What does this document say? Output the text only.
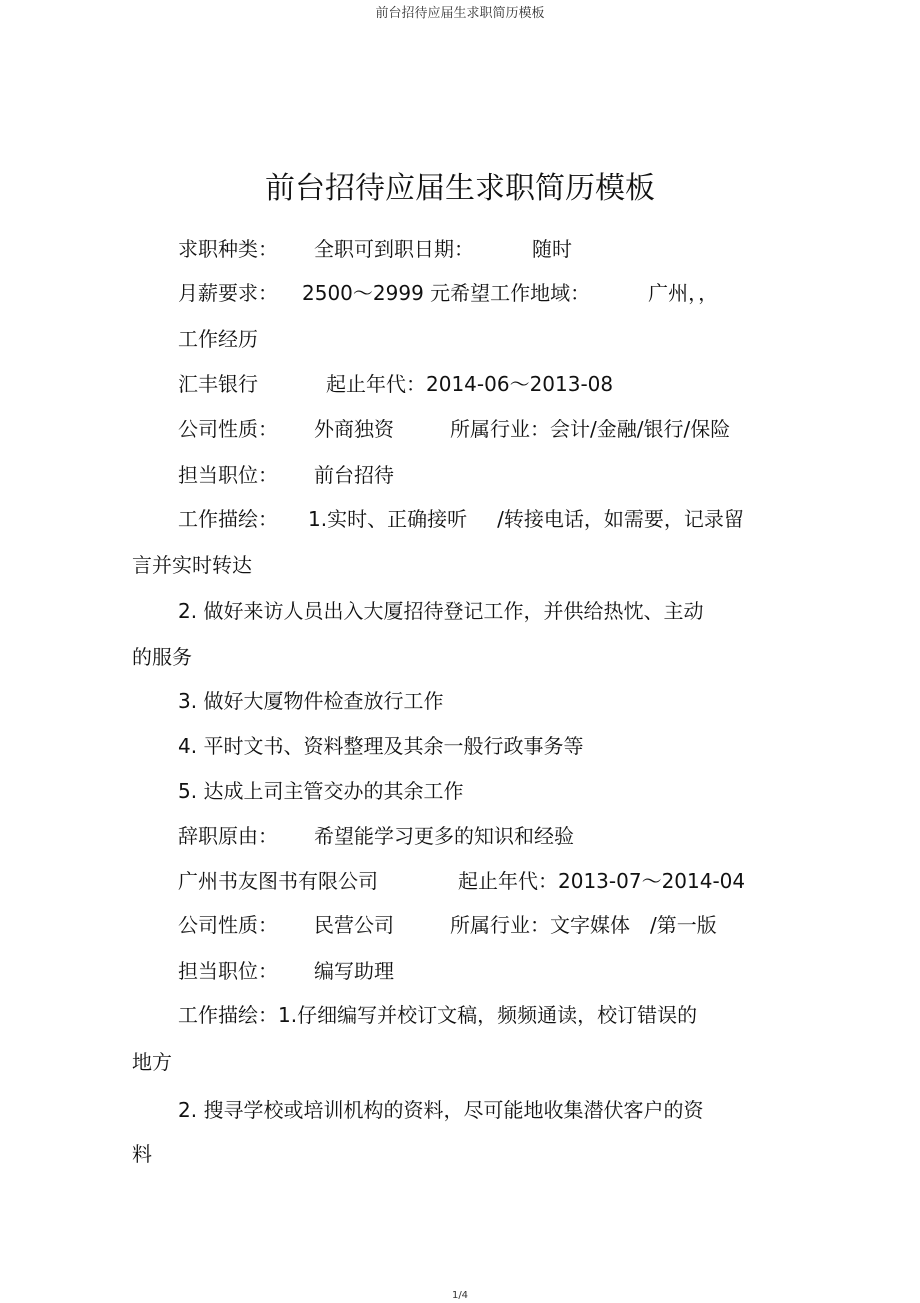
前台招待应届生求职简历模板
前台招待应届生求职简历模板
求职种类： 全职可到职日期：	随时
月薪要求： 2500～2999 元希望工作地域：	广州，，
工作经历
汇丰银行	起止年代：2014-06～2013-08
公司性质： 外商独资	所属行业：会计/金融/银行/保险
担当职位： 前台招待
工作描绘： 1.实时、正确接听 /转接电话，如需要，记录留
言并实时转达
2. 做好来访人员出入大厦招待登记工作，并供给热忱、主动
的服务
3. 做好大厦物件检查放行工作
4. 平时文书、资料整理及其余一般行政事务等
5. 达成上司主管交办的其余工作
辞职原由： 希望能学习更多的知识和经验
广州书友图书有限公司	起止年代：2013-07～2014-04
公司性质： 民营公司	所属行业：文字媒体 /第一版
担当职位： 编写助理
工作描绘：1.仔细编写并校订文稿，频频通读，校订错误的
地方
2. 搜寻学校或培训机构的资料，尽可能地收集潜伏客户的资
料
1/4
